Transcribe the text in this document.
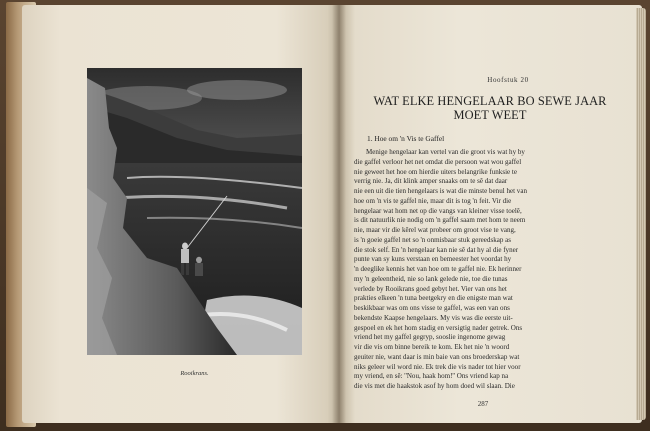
Rooikrans.
Hoofstuk 20
WAT ELKE HENGELAAR BO SEWE JAAR
MOET WEET
1. Hoe om 'n Vis te Gaffel
Menige hengelaar kan vertel van die groot vis wat hy by
die gaffel verloor het net omdat die persoon wat wou gaffel
nie geweet het hoe om hierdie uiters belangrike funksie te
verrig nie. Ja, dit klink amper snaaks om te sê dat daar
nie een uit die tien hengelaars is wat die minste benul het van
hoe om 'n vis te gaffel nie, maar dit is tog 'n feit. Vir die
hengelaar wat hom net op die vangs van kleiner visse toelê,
is dit natuurlik nie nodig om 'n gaffel saam met hom te neem
nie, maar vir die kêrel wat probeer om groot vise te vang,
is 'n goeie gaffel net so 'n onmisbaar stuk gereedskap as
die stok self. En 'n hengelaar kan nie sê dat hy al die fyner
punte van sy kuns verstaan en bemeester het voordat hy
'n deeglike kennis het van hoe om te gaffel nie. Ek herinner
my 'n geleentheid, nie so lank gelede nie, toe die tunas
verlede by Rooikrans goed gebyt het. Vier van ons het
prakties elkeen 'n tuna beetgekry en die enigste man wat
beskikbaar was om ons visse te gaffel, was een van ons
bekendste Kaapse hengelaars. My vis was die eerste uit-
gespoel en ek het hom stadig en versigtig nader getrek. Ons
vriend het my gaffel gegryp, sooslie ingenome gewag
vir die vis om binne bereik te kom. Ek het nie 'n woord
geuiter nie, want daar is min baie van ons broederskap wat
niks geleer wil word nie. Ek trek die vis nader tot hier voor
my vriend, en sê: ''Nou, haak hom!'' Ons vriend kap na
die vis met die haakstok asof hy hom doed wil slaan. Die
287
